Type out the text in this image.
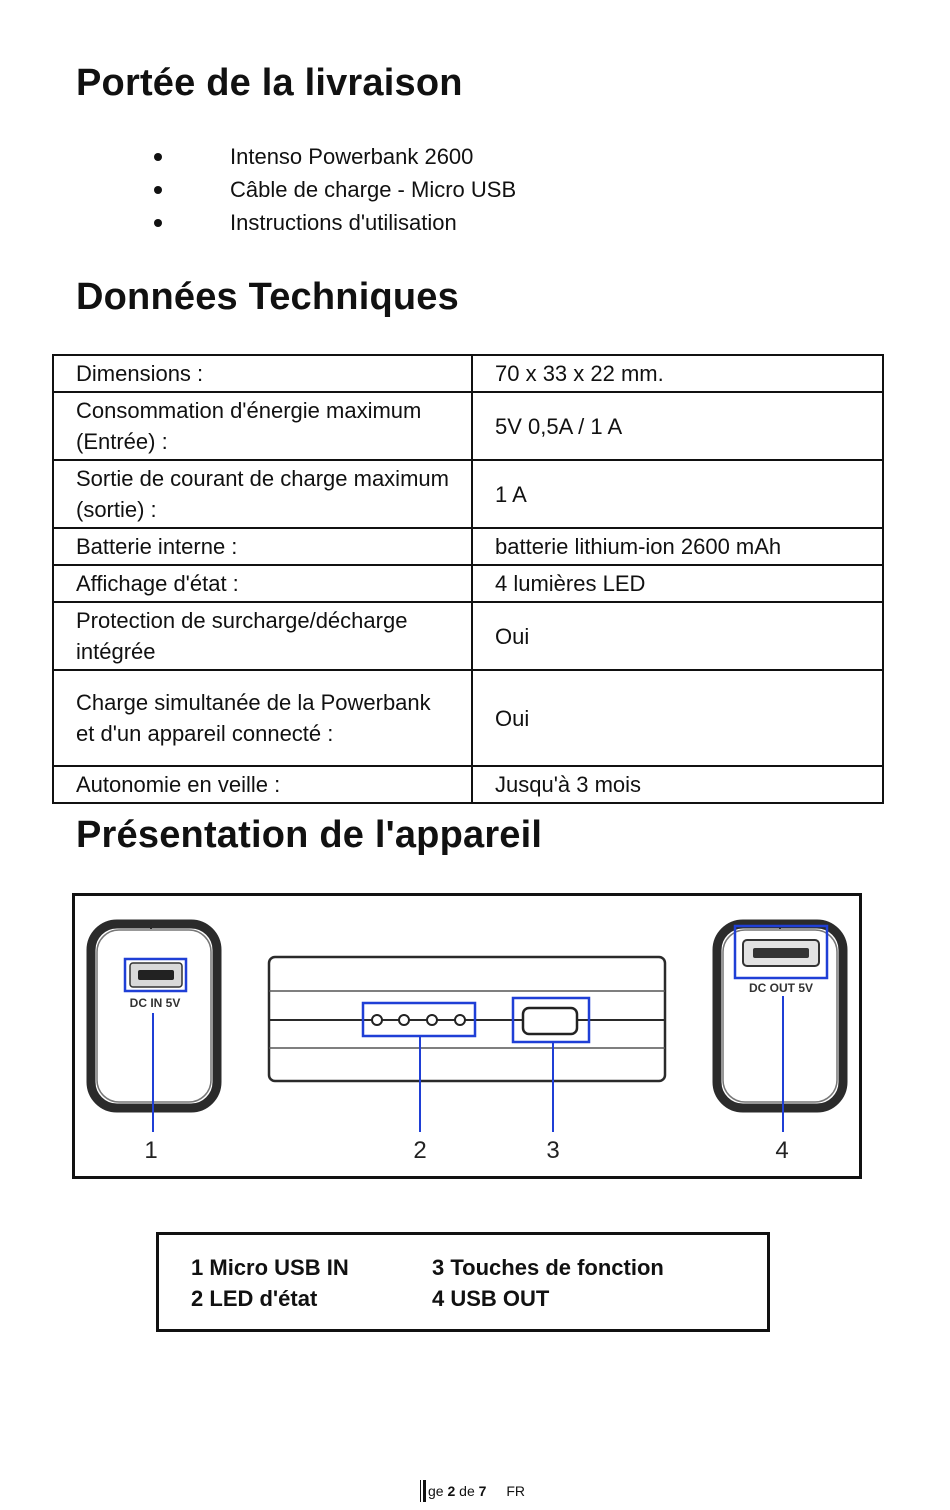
Portée de la livraison
Intenso Powerbank 2600
Câble de charge - Micro USB
Instructions d'utilisation
Données Techniques
Dimensions :	70 x 33 x 22 mm.
Consommation d'énergie maximum (Entrée) :	5V 0,5A / 1 A
Sortie de courant de charge maximum (sortie) :	1 A
Batterie interne :	batterie lithium-ion 2600 mAh
Affichage d'état :	4 lumières LED
Protection de surcharge/décharge intégrée	Oui
Charge simultanée de la Powerbank et d'un appareil connecté :	Oui
Autonomie en veille :	Jusqu'à 3 mois
Présentation de l'appareil
DC IN 5V
DC OUT 5V
1	2	3	4
1 Micro USB IN
2 LED d'état
3 Touches de fonction
4 USB OUT
ge 2 de 7 FR
